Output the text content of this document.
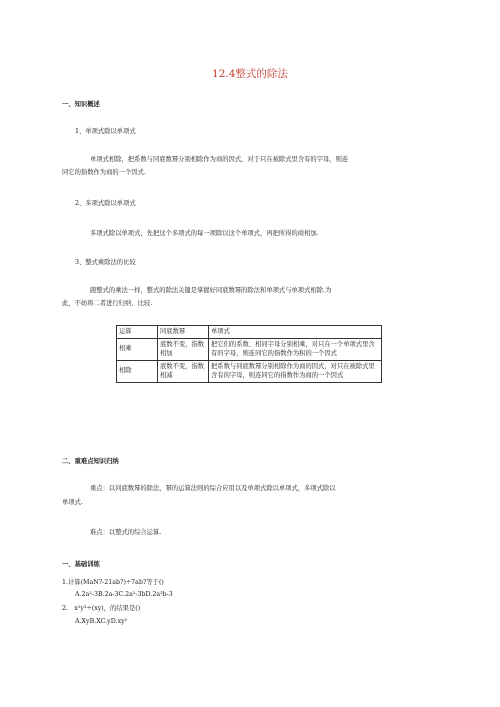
12.4整式的除法
一、知识概述
1、单项式除以单项式
单项式相除，把系数与同底数幂分别相除作为商的因式，对于只在被除式里含有的字母，则连
同它的指数作为商的一个因式.
2、多项式除以单项式
多项式除以单项式，先把这个多项式的每一项除以这个单项式，再把所得的商相加.
3、整式乘除法的比较
跟整式的乘法一样，整式的除法关键是掌握好同底数幂的除法和单项式与单项式相除.为
此，不妨将二者进行归纳、比较.
运算	同底数幂	单项式
相乘	底数不变，指数相加	把它们的系数、相同字母分别相乘，对只在一个单项式里含有的字母，则连同它的指数作为积的一个因式
相除	底数不变，指数相减	把系数与同底数幂分别相除作为商的因式，对只在被除式里含有的字母，则连同它的指数作为商的一个因式
二、重难点知识归纳
重点：以同底数幂的除法，幂的运算法则的综合应用以及单项式除以单项式，多项式除以
单项式.
难点：以整式的综合运算.
一、基础训练
1.计算(MaN?-21ab?)÷7ab?等于()
A.2a²-3B.2a-3C.2a²-3bD.2a³b-3
2.　x²y³÷(xy)，的结果是()
A.XyB.XC.yD.xy²
